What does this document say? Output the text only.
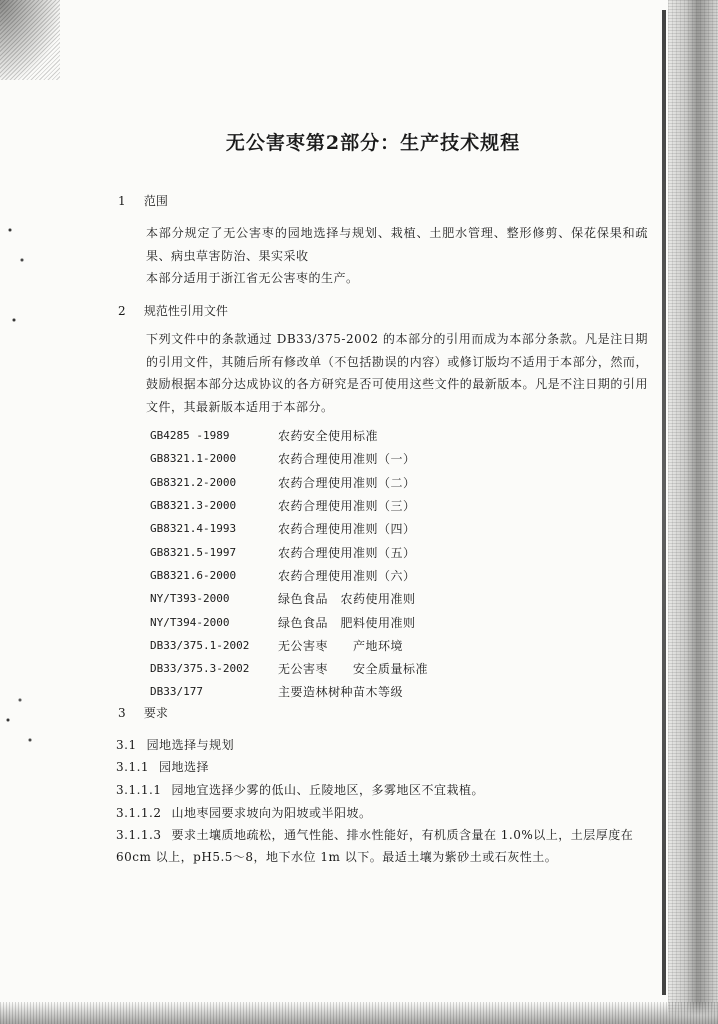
无公害枣第2部分：生产技术规程
1 范围
本部分规定了无公害枣的园地选择与规划、栽植、土肥水管理、整形修剪、保花保果和疏果、病虫草害防治、果实采收
本部分适用于浙江省无公害枣的生产。
2 规范性引用文件
下列文件中的条款通过 DB33/375-2002 的本部分的引用而成为本部分条款。凡是注日期的引用文件，其随后所有修改单（不包括勘误的内容）或修订版均不适用于本部分，然而，鼓励根据本部分达成协议的各方研究是否可使用这些文件的最新版本。凡是不注日期的引用文件，其最新版本适用于本部分。
GB4285 -1989	农药安全使用标准
GB8321.1-2000	农药合理使用准则（一）
GB8321.2-2000	农药合理使用准则（二）
GB8321.3-2000	农药合理使用准则（三）
GB8321.4-1993	农药合理使用准则（四）
GB8321.5-1997	农药合理使用准则（五）
GB8321.6-2000	农药合理使用准则（六）
NY/T393-2000	绿色食品　农药使用准则
NY/T394-2000	绿色食品　肥料使用准则
DB33/375.1-2002	无公害枣　　产地环境
DB33/375.3-2002	无公害枣　　安全质量标准
DB33/177	主要造林树种苗木等级
3 要求
3.1 园地选择与规划
3.1.1 园地选择
3.1.1.1 园地宜选择少雾的低山、丘陵地区，多雾地区不宜栽植。
3.1.1.2 山地枣园要求坡向为阳坡或半阳坡。
3.1.1.3 要求土壤质地疏松，通气性能、排水性能好，有机质含量在 1.0%以上，土层厚度在 60cm 以上，pH5.5～8，地下水位 1m 以下。最适土壤为紫砂土或石灰性土。
